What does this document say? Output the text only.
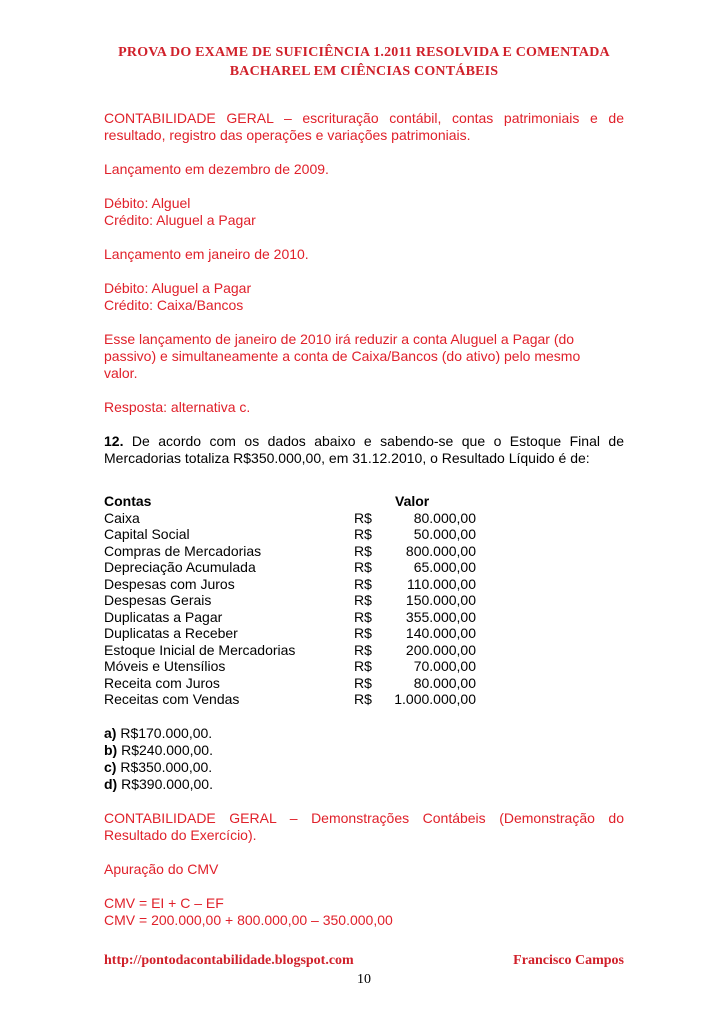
PROVA DO EXAME DE SUFICIÊNCIA 1.2011 RESOLVIDA E COMENTADA
BACHAREL EM CIÊNCIAS CONTÁBEIS

CONTABILIDADE GERAL – escrituração contábil, contas patrimoniais e de
resultado, registro das operações e variações patrimoniais.

Lançamento em dezembro de 2009.

Débito: Alguel
Crédito: Aluguel a Pagar

Lançamento em janeiro de 2010.

Débito: Aluguel a Pagar
Crédito: Caixa/Bancos

Esse lançamento de janeiro de 2010 irá reduzir a conta Aluguel a Pagar (do
passivo) e simultaneamente a conta de Caixa/Bancos (do ativo) pelo mesmo
valor.

Resposta: alternativa c.

12. De acordo com os dados abaixo e sabendo-se que o Estoque Final de
Mercadorias totaliza R$350.000,00, em 31.12.2010, o Resultado Líquido é de:

Contas	Valor
Caixa	R$	80.000,00
Capital Social	R$	50.000,00
Compras de Mercadorias	R$ 800.000,00
Depreciação Acumulada	R$	65.000,00
Despesas com Juros	R$	110.000,00
Despesas Gerais	R$ 150.000,00
Duplicatas a Pagar	R$ 355.000,00
Duplicatas a Receber	R$ 140.000,00
Estoque Inicial de Mercadorias	R$ 200.000,00
Móveis e Utensílios	R$	70.000,00
Receita com Juros	R$	80.000,00
Receitas com Vendas	R$ 1.000.000,00
a) R$170.000,00.
b) R$240.000,00.
c) R$350.000,00.
d) R$390.000,00.

CONTABILIDADE GERAL – Demonstrações Contábeis (Demonstração do
Resultado do Exercício).

Apuração do CMV

CMV = EI + C – EF
CMV = 200.000,00 + 800.000,00 – 350.000,00

http://pontodacontabilidade.blogspot.com	Francisco Campos
10
